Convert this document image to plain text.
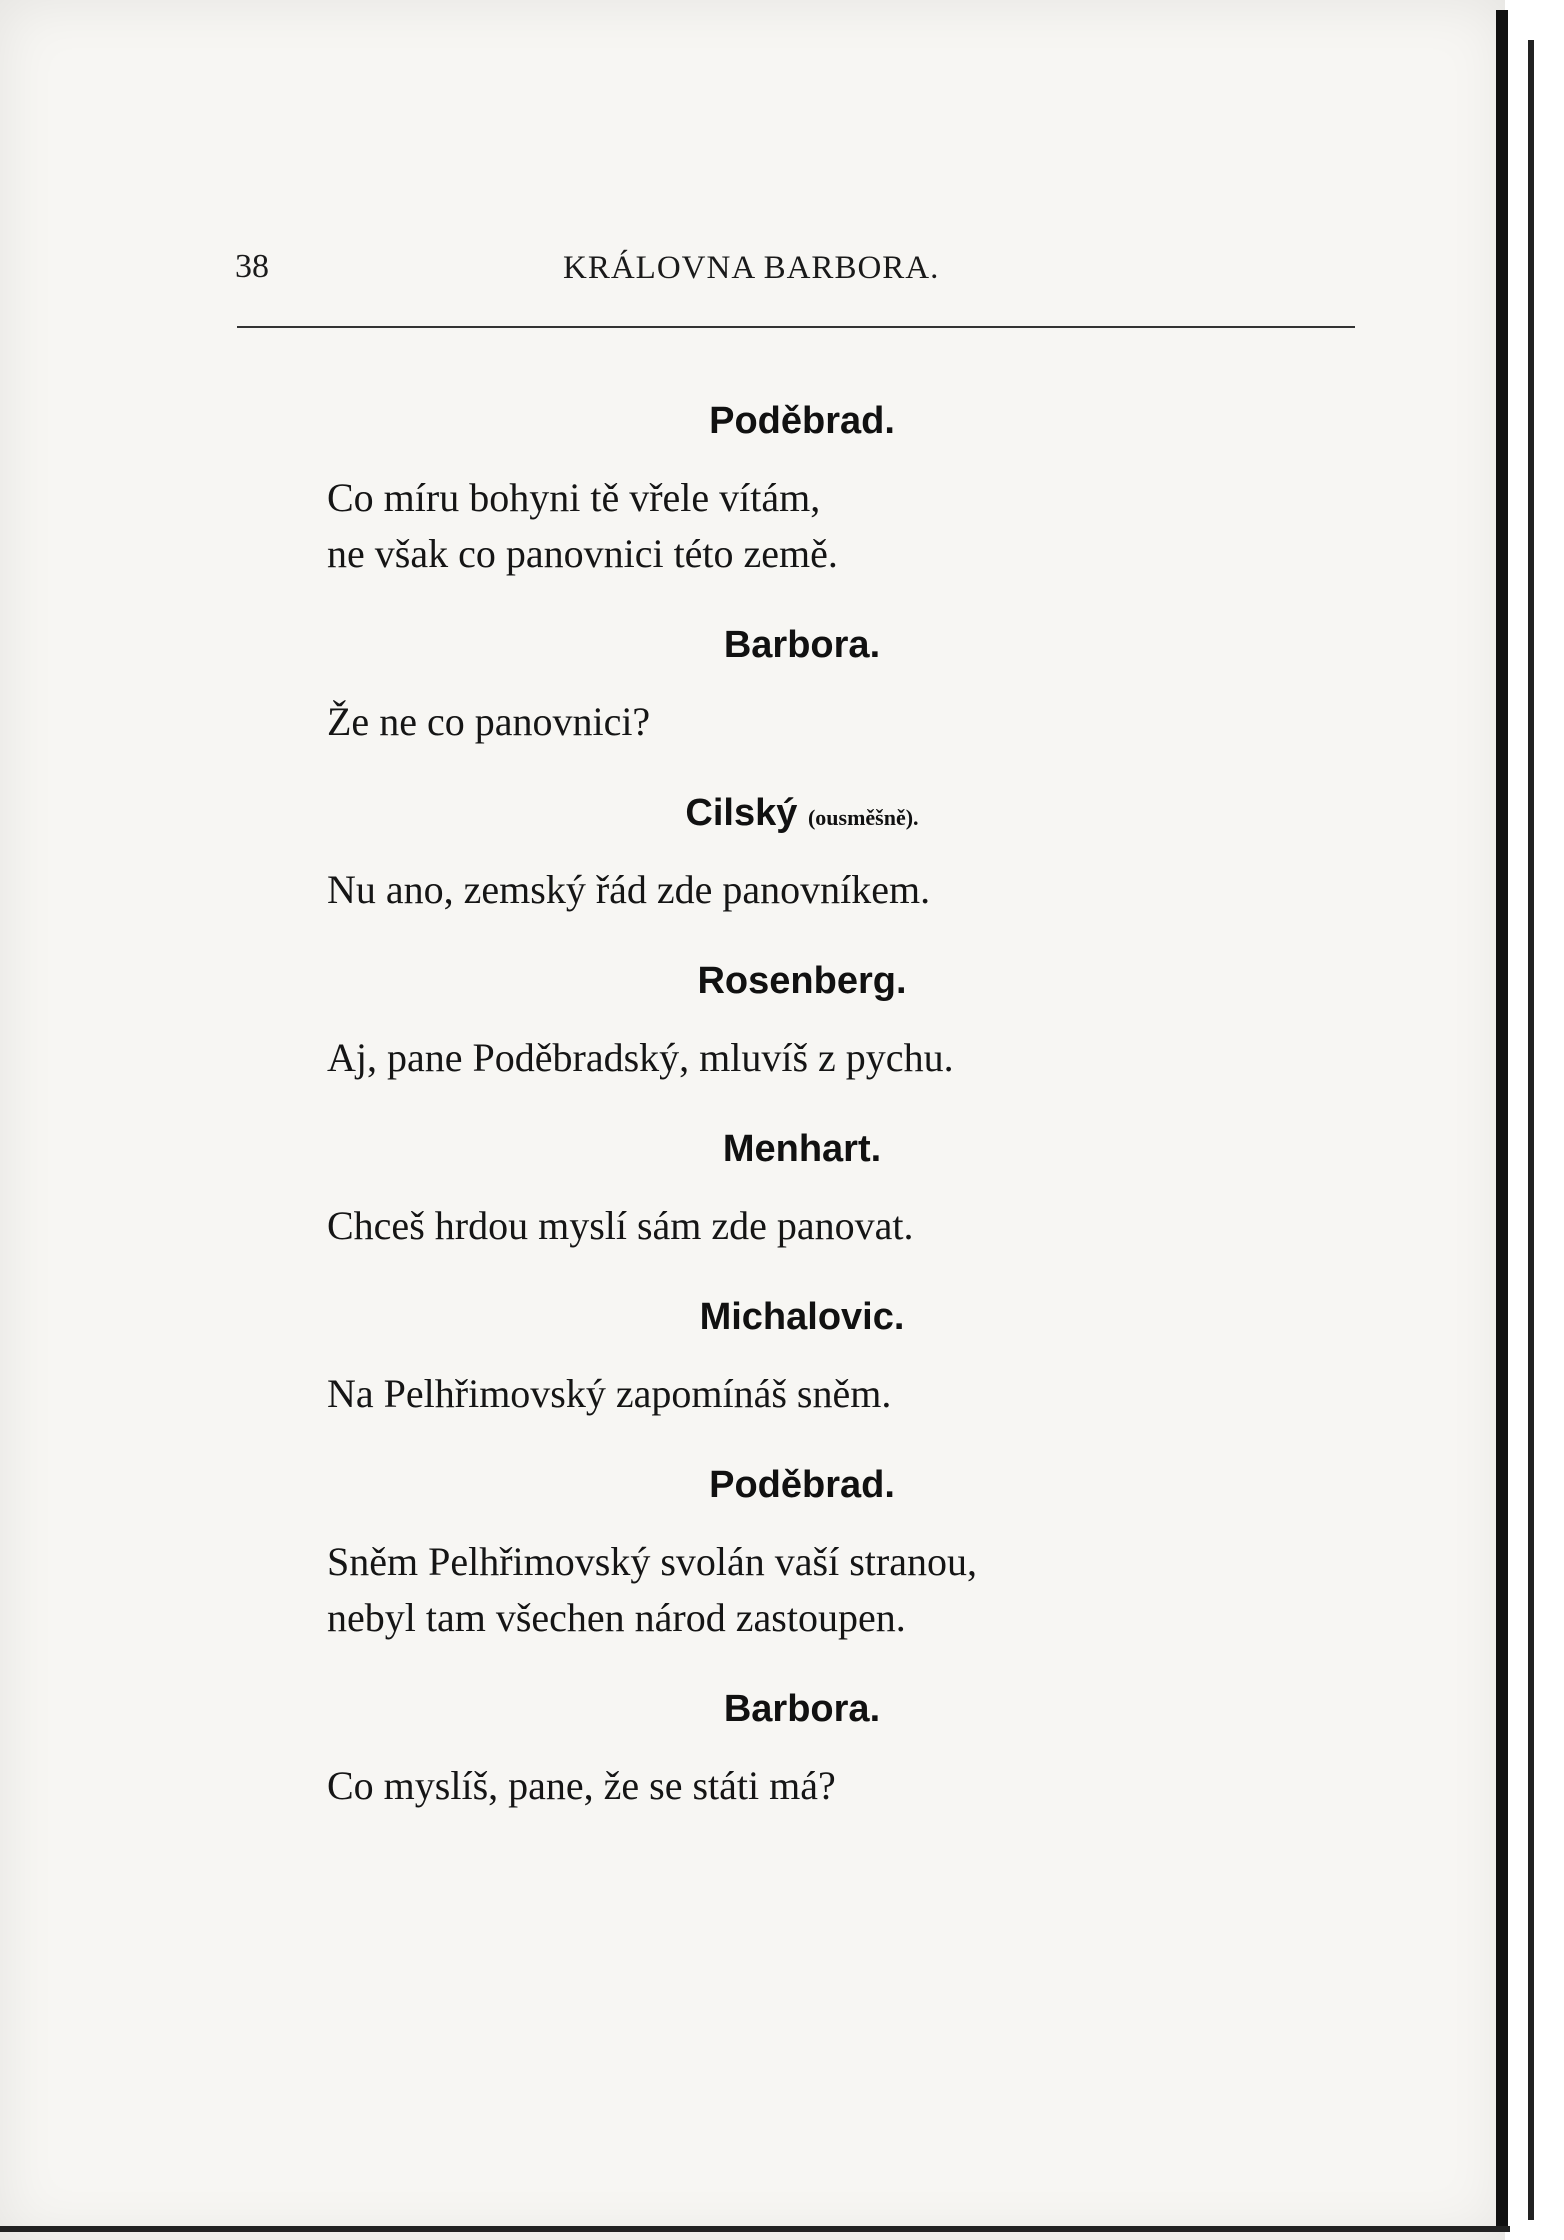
38	KRÁLOVNA BARBORA.
Poděbrad.
Co míru bohyni tě vřele vítám,
ne však co panovnici této země.
Barbora.
Že ne co panovnici?
Cilský (ousměšně).
Nu ano, zemský řád zde panovníkem.
Rosenberg.
Aj, pane Poděbradský, mluvíš z pychu.
Menhart.
Chceš hrdou myslí sám zde panovat.
Michalovic.
Na Pelhřimovský zapomínáš sněm.
Poděbrad.
Sněm Pelhřimovský svolán vaší stranou,
nebyl tam všechen národ zastoupen.
Barbora.
Co myslíš, pane, že se státi má?
